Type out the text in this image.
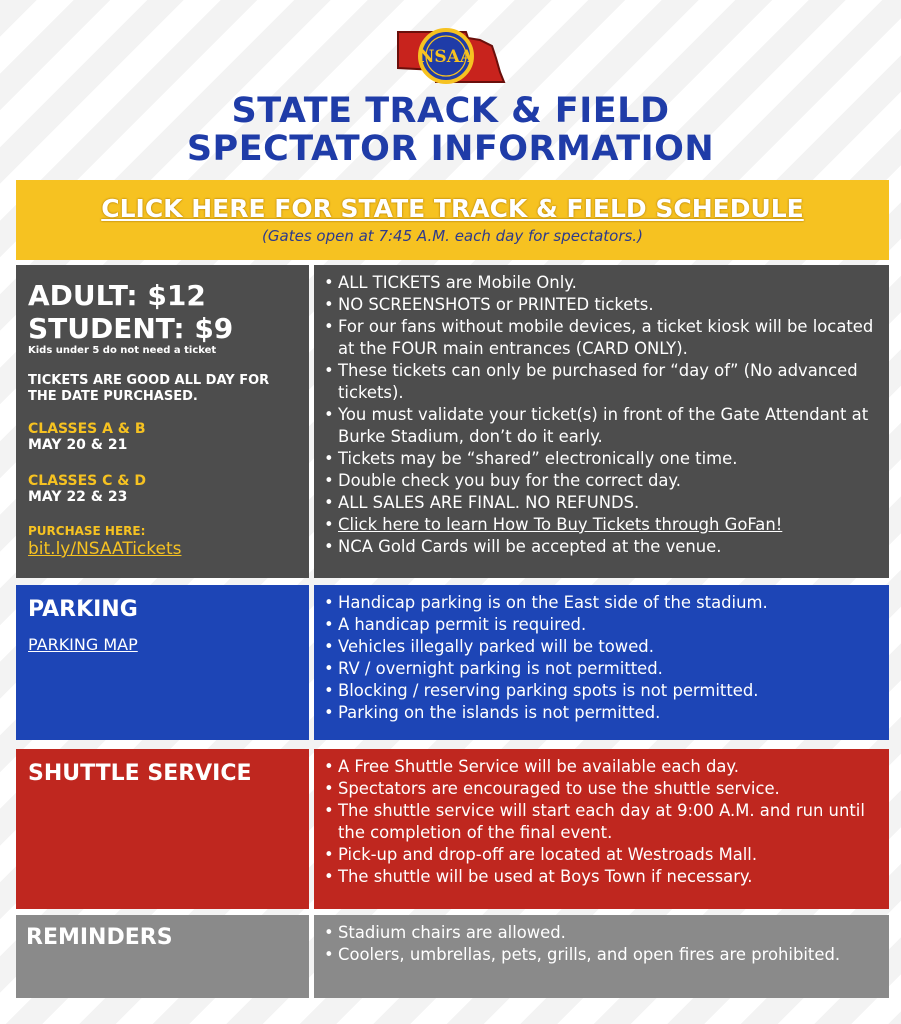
NSAA
STATE TRACK & FIELD
SPECTATOR INFORMATION
CLICK HERE FOR STATE TRACK & FIELD SCHEDULE
(Gates open at 7:45 A.M. each day for spectators.)
ADULT: $12
STUDENT: $9
Kids under 5 do not need a ticket
TICKETS ARE GOOD ALL DAY FOR
THE DATE PURCHASED.
CLASSES A & B
MAY 20 & 21
CLASSES C & D
MAY 22 & 23
PURCHASE HERE:
bit.ly/NSAATickets
• ALL TICKETS are Mobile Only.
• NO SCREENSHOTS or PRINTED tickets.
• For our fans without mobile devices, a ticket kiosk will be located at the FOUR main entrances (CARD ONLY).
• These tickets can only be purchased for “day of” (No advanced tickets).
• You must validate your ticket(s) in front of the Gate Attendant at Burke Stadium, don’t do it early.
• Tickets may be “shared” electronically one time.
• Double check you buy for the correct day.
• ALL SALES ARE FINAL. NO REFUNDS.
• Click here to learn How To Buy Tickets through GoFan!
• NCA Gold Cards will be accepted at the venue.
PARKING
PARKING MAP
• Handicap parking is on the East side of the stadium.
• A handicap permit is required.
• Vehicles illegally parked will be towed.
• RV / overnight parking is not permitted.
• Blocking / reserving parking spots is not permitted.
• Parking on the islands is not permitted.
SHUTTLE SERVICE	• A Free Shuttle Service will be available each day.
• Spectators are encouraged to use the shuttle service.
• The shuttle service will start each day at 9:00 A.M. and run until the completion of the final event.
• Pick-up and drop-off are located at Westroads Mall.
• The shuttle will be used at Boys Town if necessary.
REMINDERS	• Stadium chairs are allowed.
• Coolers, umbrellas, pets, grills, and open fires are prohibited.
